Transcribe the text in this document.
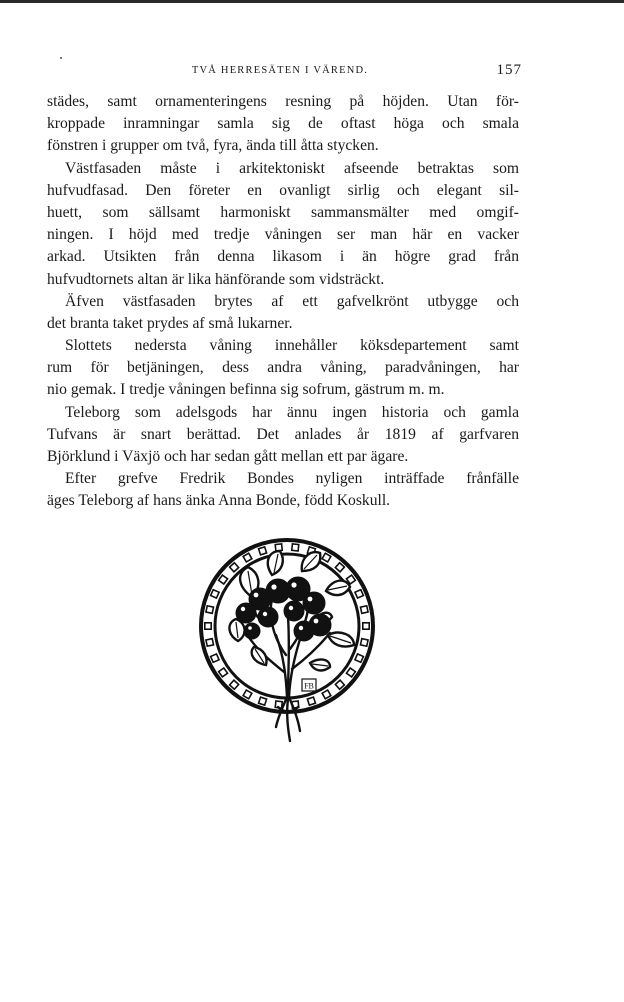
TVÅ HERRESÄTEN I VÄREND.	157
städes, samt ornamenteringens resning på höjden. Utan för-
kroppade inramningar samla sig de oftast höga och smala
fönstren i grupper om två, fyra, ända till åtta stycken.
Västfasaden måste i arkitektoniskt afseende betraktas som
hufvudfasad. Den företer en ovanligt sirlig och elegant sil-
huett, som sällsamt harmoniskt sammansmälter med omgif-
ningen. I höjd med tredje våningen ser man här en vacker
arkad. Utsikten från denna likasom i än högre grad från
hufvudtornets altan är lika hänförande som vidsträckt.
Äfven västfasaden brytes af ett gafvelkrönt utbygge och
det branta taket prydes af små lukarner.
Slottets nedersta våning innehåller köksdepartement samt
rum för betjäningen, dess andra våning, paradvåningen, har
nio gemak. I tredje våningen befinna sig sofrum, gästrum m. m.
Teleborg som adelsgods har ännu ingen historia och gamla
Tufvans är snart berättad. Det anlades år 1819 af garfvaren
Björklund i Växjö och har sedan gått mellan ett par ägare.
Efter grefve Fredrik Bondes nyligen inträffade frånfälle
äges Teleborg af hans änka Anna Bonde, född Koskull.
FB
